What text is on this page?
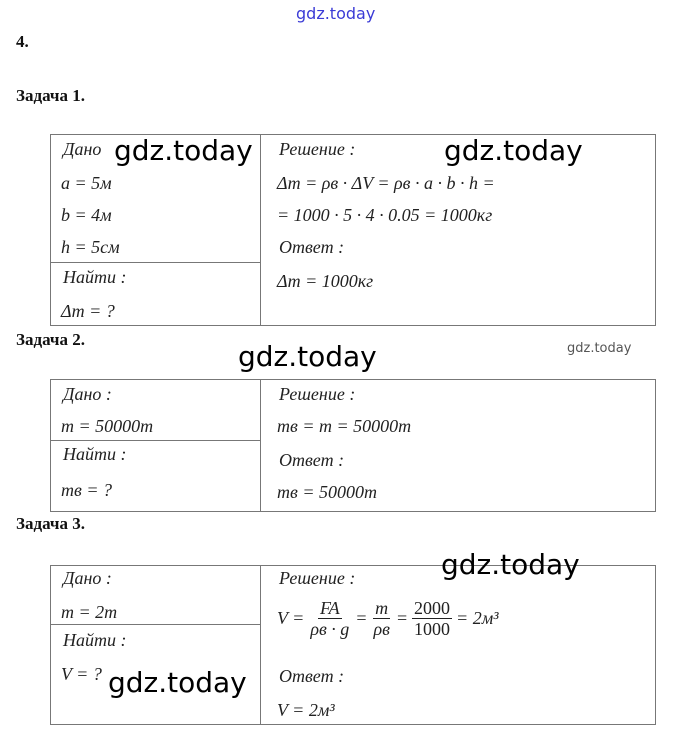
gdz.today
4.
Задача 1.
Дано
a = 5м
b = 4м
h = 5см
Найти :
Δm = ?
Решение :
Δm = ρв · ΔV = ρв · a · b · h =
= 1000 · 5 · 4 · 0.05 = 1000кг
Ответ :
Δm = 1000кг
gdz.today	gdz.today
Задача 2.
gdz.today	gdz.today
Дано :
m = 50000m
Найти :
mв = ?
Решение :
mв = m = 50000m
Ответ :
mв = 50000m
Задача 3.
Дано :
m = 2m
Найти :
V = ?
Решение :
$V = \frac{FA}{\rho в \cdot g} = \frac{m}{\rho в} = \frac{2000}{1000} = 2м^3$
Ответ :
V = 2м³
gdz.today
gdz.today
